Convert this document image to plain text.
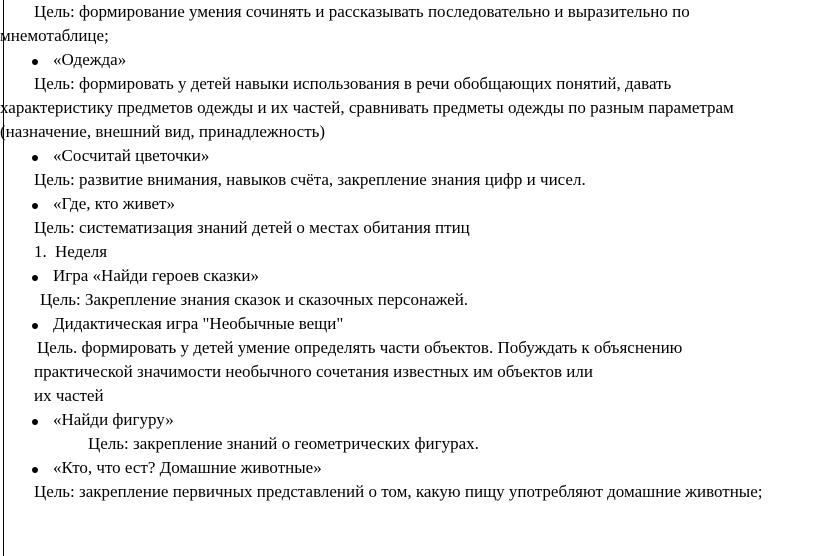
Цель: формирование умения сочинять и рассказывать последовательно и выразительно по
мнемотаблице;
«Одежда»
Цель: формировать у детей навыки использования в речи обобщающих понятий, давать
характеристику предметов одежды и их частей, сравнивать предметы одежды по разным параметрам
(назначение, внешний вид, принадлежность)
«Сосчитай цветочки»
Цель: развитие внимания, навыков счёта, закрепление знания цифр и чисел.
«Где, кто живет»
Цель: систематизация знаний детей о местах обитания птиц
1. Неделя
Игра «Найди героев сказки»
Цель: Закрепление знания сказок и сказочных персонажей.
Дидактическая игра "Необычные вещи"
Цель. формировать у детей умение определять части объектов. Побуждать к объяснению
практической значимости необычного сочетания известных им объектов или
их частей
«Найди фигуру»
Цель: закрепление знаний о геометрических фигурах.
«Кто, что ест? Домашние животные»
Цель: закрепление первичных представлений о том, какую пищу употребляют домашние животные;
